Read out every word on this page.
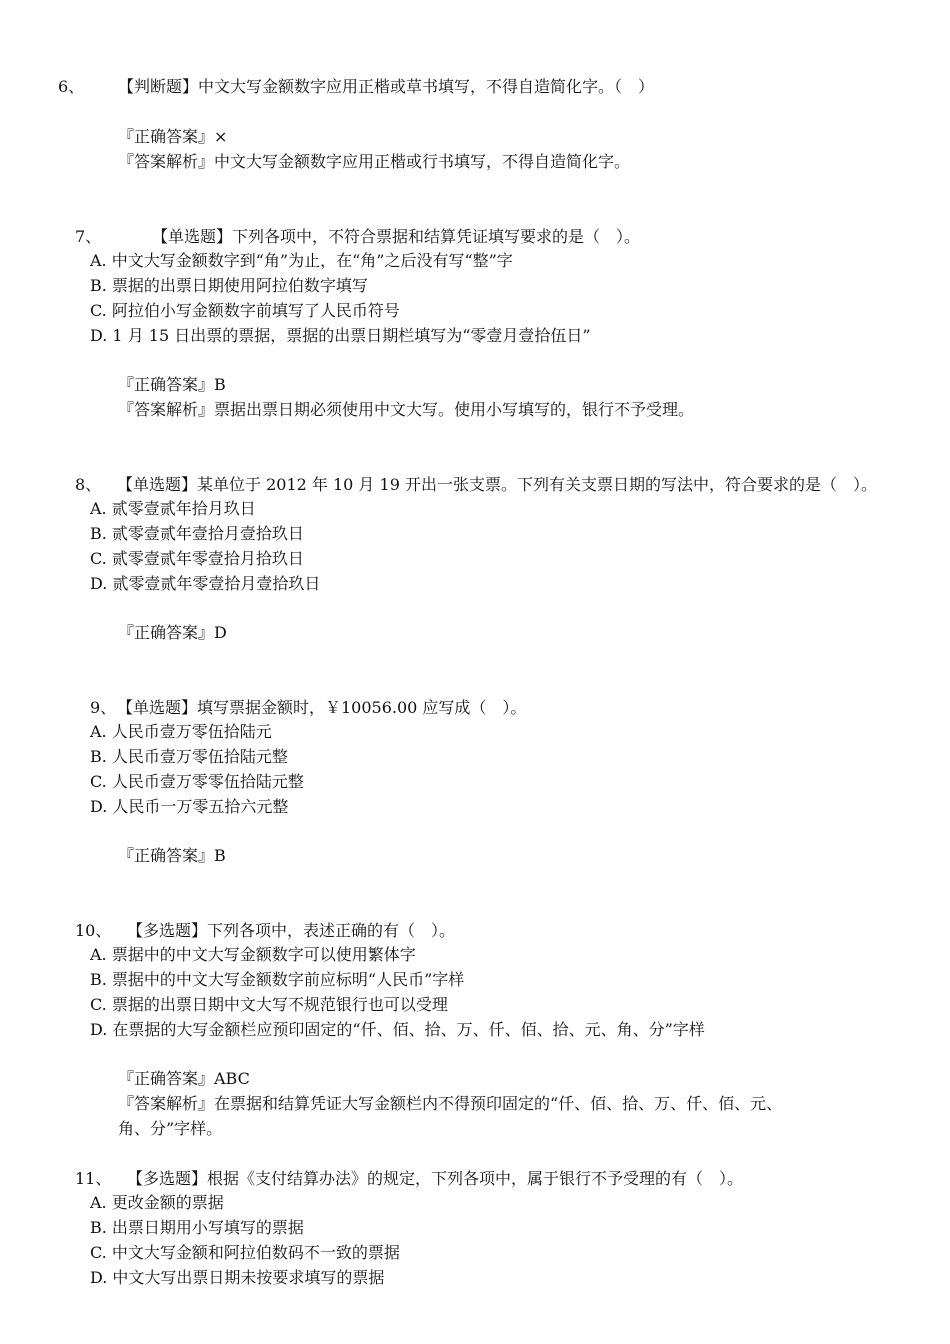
6、 【判断题】中文大写金额数字应用正楷或草书填写，不得自造简化字。（　）
『正确答案』×
『答案解析』中文大写金额数字应用正楷或行书填写，不得自造简化字。
7、	【单选题】下列各项中，不符合票据和结算凭证填写要求的是（　）。
A. 中文大写金额数字到“角”为止，在“角”之后没有写“整”字
B. 票据的出票日期使用阿拉伯数字填写
C. 阿拉伯小写金额数字前填写了人民币符号
D. 1 月 15 日出票的票据，票据的出票日期栏填写为“零壹月壹拾伍日”
『正确答案』B
『答案解析』票据出票日期必须使用中文大写。使用小写填写的，银行不予受理。
8、 【单选题】某单位于 2012 年 10 月 19 开出一张支票。下列有关支票日期的写法中，符合要求的是（　）。
A. 贰零壹贰年拾月玖日
B. 贰零壹贰年壹拾月壹拾玖日
C. 贰零壹贰年零壹拾月拾玖日
D. 贰零壹贰年零壹拾月壹拾玖日
『正确答案』D
9、 【单选题】填写票据金额时，￥10056.00 应写成（　）。
A. 人民币壹万零伍拾陆元
B. 人民币壹万零伍拾陆元整
C. 人民币壹万零零伍拾陆元整
D. 人民币一万零五拾六元整
『正确答案』B
10、 【多选题】下列各项中，表述正确的有（　）。
A. 票据中的中文大写金额数字可以使用繁体字
B. 票据中的中文大写金额数字前应标明“人民币”字样
C. 票据的出票日期中文大写不规范银行也可以受理
D. 在票据的大写金额栏应预印固定的“仟、佰、拾、万、仟、佰、拾、元、角、分”字样
『正确答案』ABC
『答案解析』在票据和结算凭证大写金额栏内不得预印固定的“仟、佰、拾、万、仟、佰、元、
角、分”字样。
11、 【多选题】根据《支付结算办法》的规定，下列各项中，属于银行不予受理的有（　）。
A. 更改金额的票据
B. 出票日期用小写填写的票据
C. 中文大写金额和阿拉伯数码不一致的票据
D. 中文大写出票日期未按要求填写的票据
